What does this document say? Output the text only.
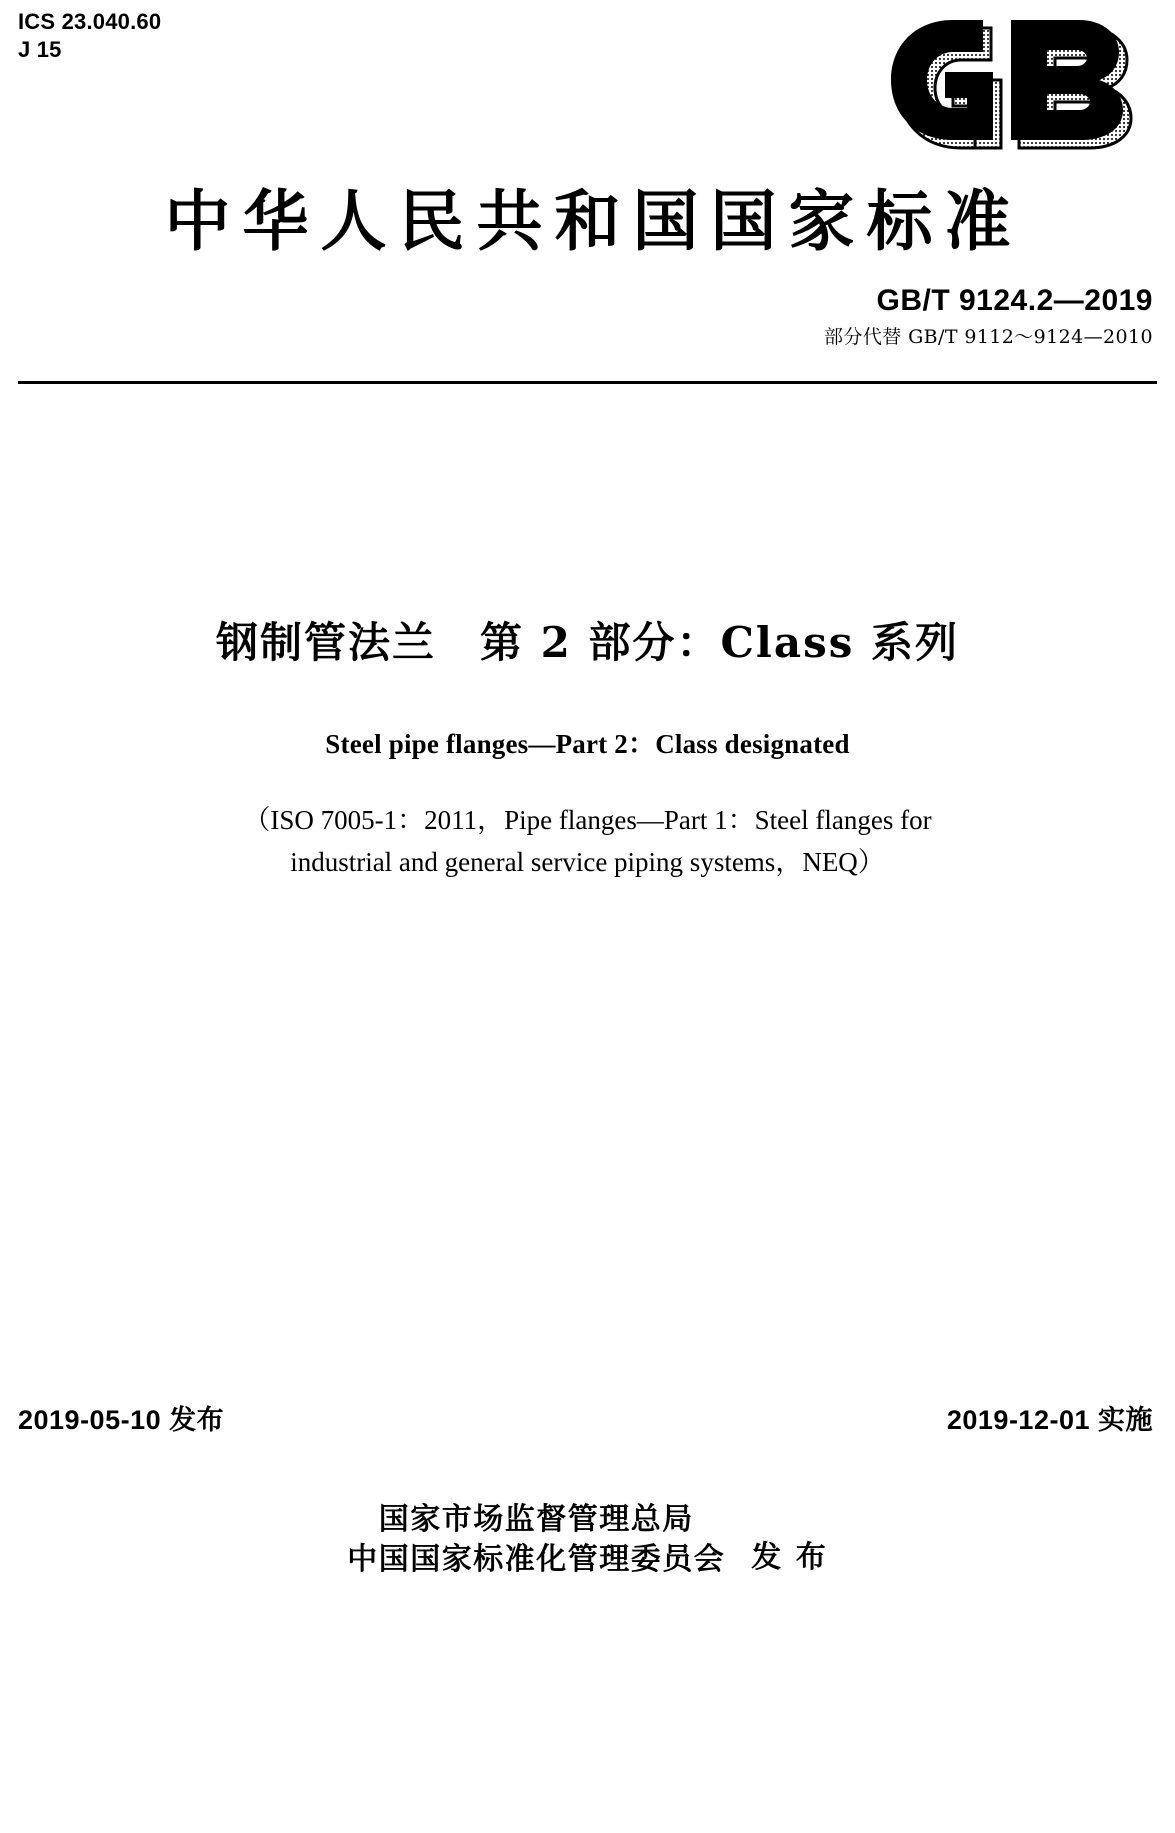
ICS 23.040.60
J 15
中华人民共和国国家标准
GB/T 9124.2—2019
部分代替 GB/T 9112～9124—2010
钢制管法兰　第 2 部分：Class 系列
Steel pipe flanges—Part 2：Class designated
（ISO 7005-1：2011，Pipe flanges—Part 1：Steel flanges for
industrial and general service piping systems，NEQ）
2019-05-10 发布	2019-12-01 实施
国家市场监督管理总局
中国国家标准化管理委员会 发 布
